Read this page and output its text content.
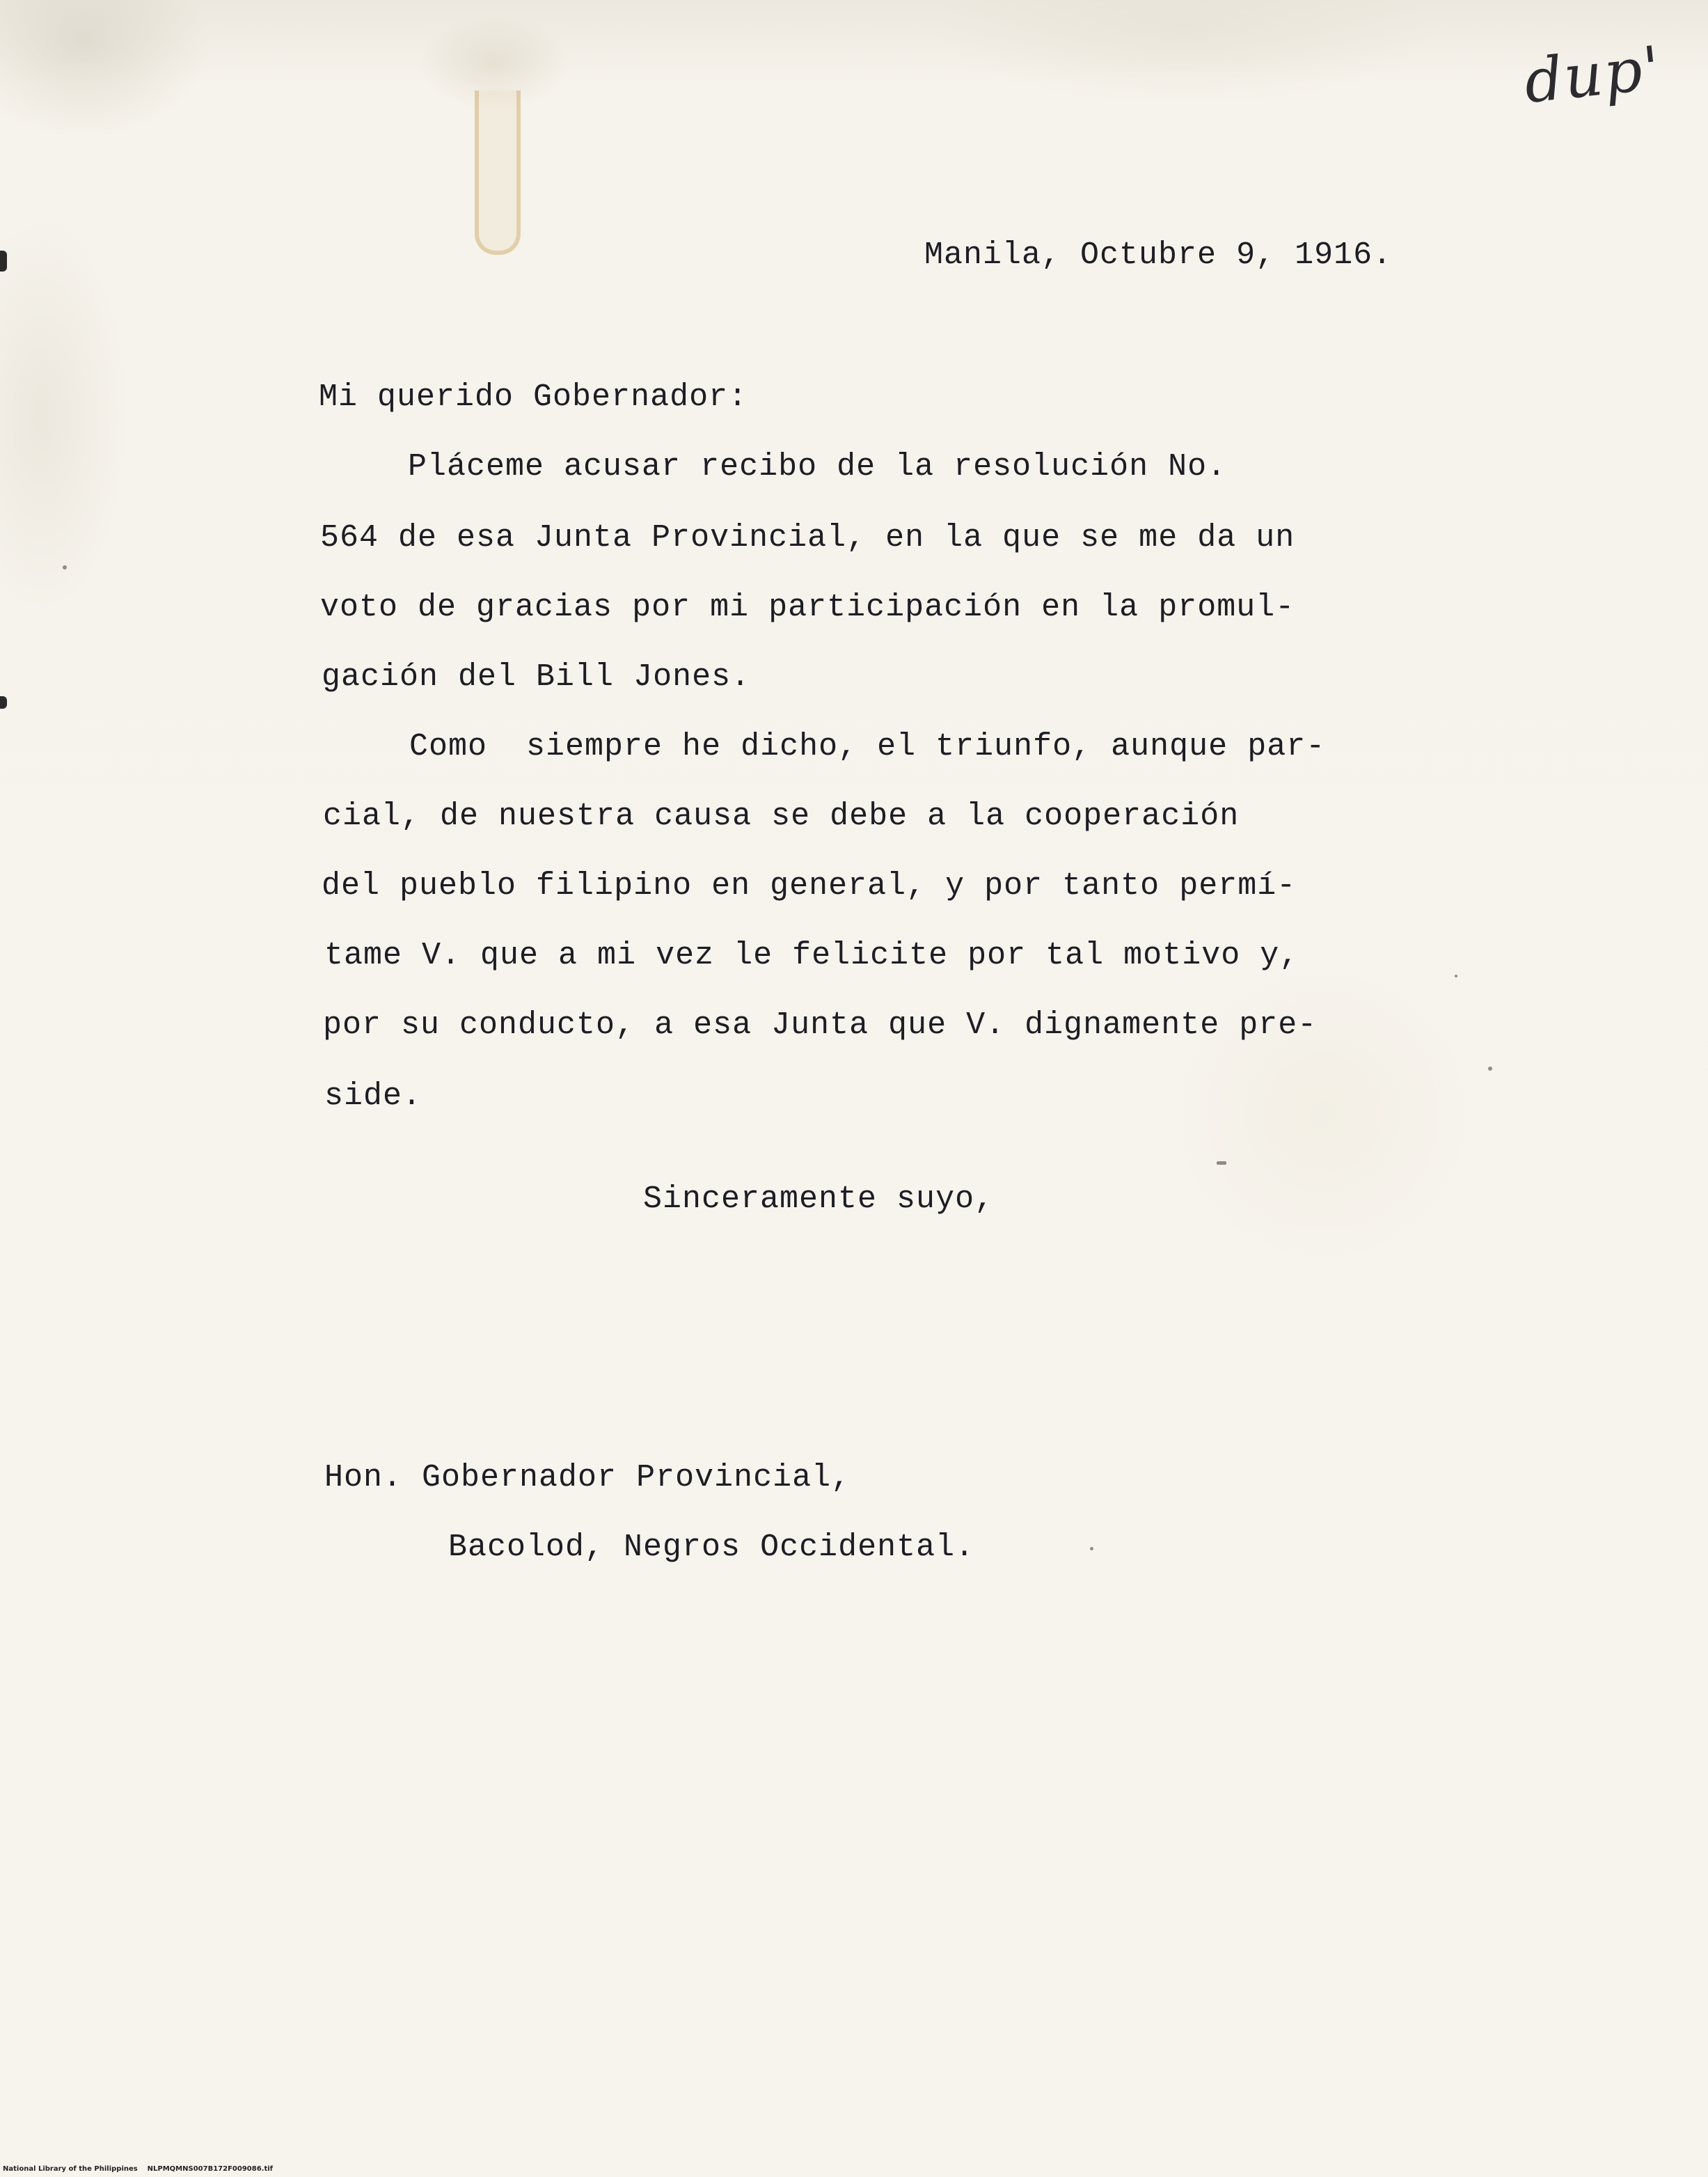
dup'
Manila, Octubre 9, 1916.
Mi querido Gobernador:
Pláceme acusar recibo de la resolución No.
564 de esa Junta Provincial, en la que se me da un
voto de gracias por mi participación en la promul-
gación del Bill Jones.
Como  siempre he dicho, el triunfo, aunque par-
cial, de nuestra causa se debe a la cooperación
del pueblo filipino en general, y por tanto permí-
tame V. que a mi vez le felicite por tal motivo y,
por su conducto, a esa Junta que V. dignamente pre-
side.
Sinceramente suyo,
Hon. Gobernador Provincial,
Bacolod, Negros Occidental.
National Library of the Philippines    NLPMQMNS007B172F009086.tif
